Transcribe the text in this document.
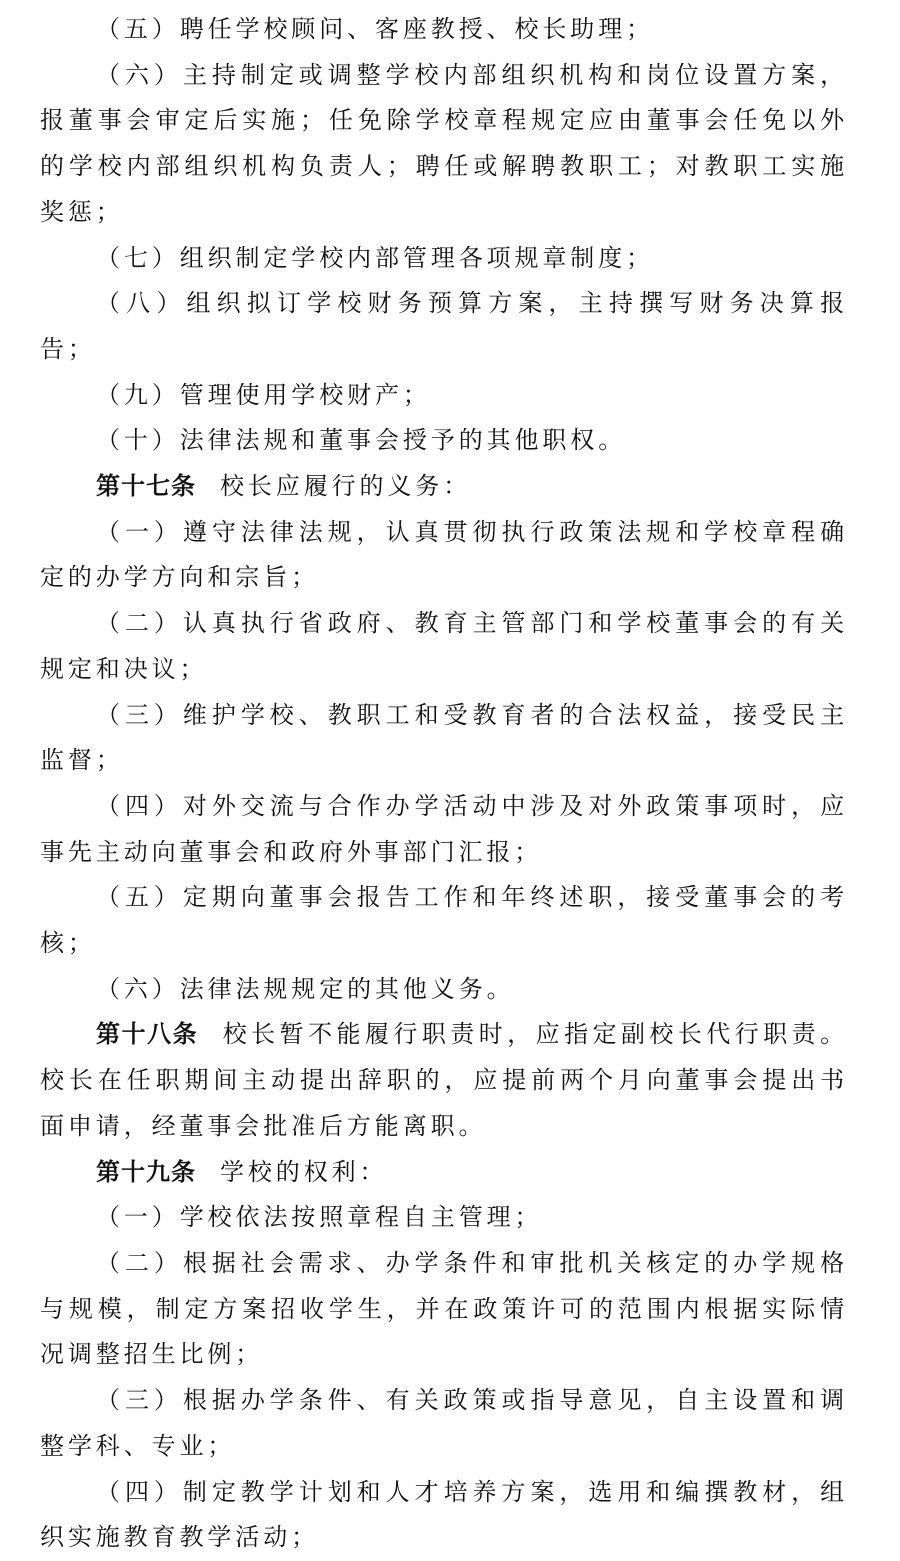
（五）聘任学校顾问、客座教授、校长助理；

（六）主持制定或调整学校内部组织机构和岗位设置方案，报董事会审定后实施；任免除学校章程规定应由董事会任免以外的学校内部组织机构负责人；聘任或解聘教职工；对教职工实施奖惩；

（七）组织制定学校内部管理各项规章制度；

（八）组织拟订学校财务预算方案，主持撰写财务决算报告；

（九）管理使用学校财产；

（十）法律法规和董事会授予的其他职权。

第十七条 校长应履行的义务：

（一）遵守法律法规，认真贯彻执行政策法规和学校章程确定的办学方向和宗旨；

（二）认真执行省政府、教育主管部门和学校董事会的有关规定和决议；

（三）维护学校、教职工和受教育者的合法权益，接受民主监督；

（四）对外交流与合作办学活动中涉及对外政策事项时，应事先主动向董事会和政府外事部门汇报；

（五）定期向董事会报告工作和年终述职，接受董事会的考核；

（六）法律法规规定的其他义务。

第十八条 校长暂不能履行职责时，应指定副校长代行职责。校长在任职期间主动提出辞职的，应提前两个月向董事会提出书面申请，经董事会批准后方能离职。

第十九条 学校的权利：

（一）学校依法按照章程自主管理；

（二）根据社会需求、办学条件和审批机关核定的办学规格与规模，制定方案招收学生，并在政策许可的范围内根据实际情况调整招生比例；

（三）根据办学条件、有关政策或指导意见，自主设置和调整学科、专业；

（四）制定教学计划和人才培养方案，选用和编撰教材，组织实施教育教学活动；
